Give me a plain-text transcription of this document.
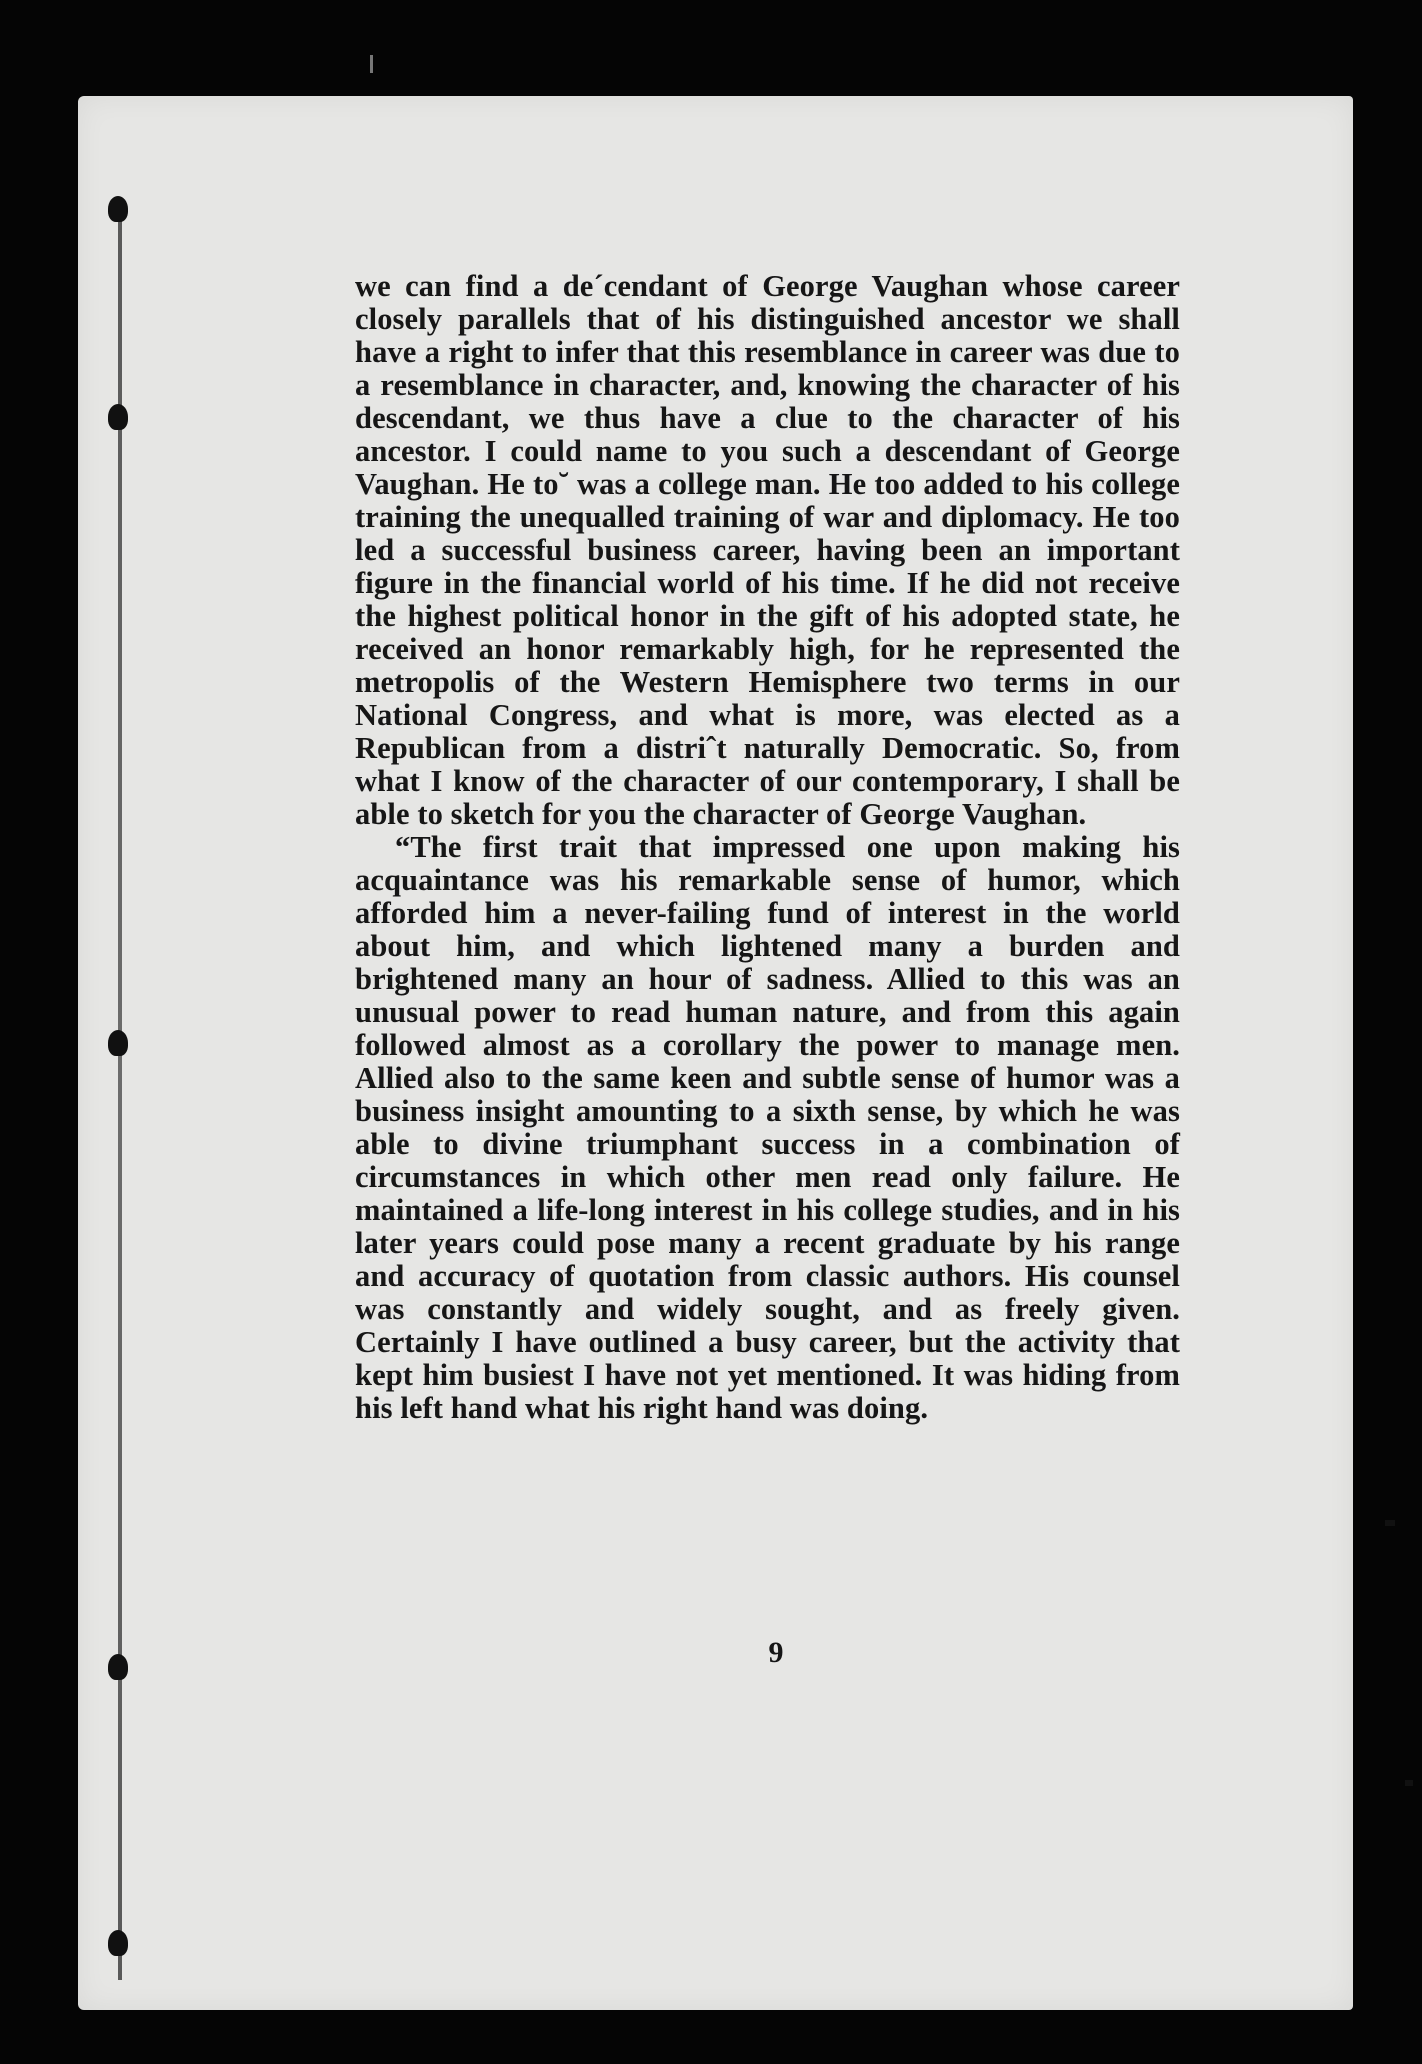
we can find a de´cendant of George Vaughan whose career closely parallels that of his distinguished ancestor we shall have a right to infer that this resemblance in career was due to a resemblance in character, and, knowing the character of his descendant, we thus have a clue to the character of his ancestor. I could name to you such a descendant of George Vaughan. He to˘ was a college man. He too added to his college training the unequalled training of war and diplomacy. He too led a successful business career, having been an important figure in the financial world of his time. If he did not receive the highest political honor in the gift of his adopted state, he received an honor remarkably high, for he represented the metropolis of the Western Hemisphere two terms in our National Congress, and what is more, was elected as a Republican from a distriˆt naturally Democratic. So, from what I know of the character of our contemporary, I shall be able to sketch for you the character of George Vaughan.

“The first trait that impressed one upon making his acquaintance was his remarkable sense of humor, which afforded him a never-failing fund of interest in the world about him, and which lightened many a burden and brightened many an hour of sadness. Allied to this was an unusual power to read human nature, and from this again followed almost as a corollary the power to manage men. Allied also to the same keen and subtle sense of humor was a business insight amounting to a sixth sense, by which he was able to divine triumphant success in a combination of circumstances in which other men read only failure. He maintained a life-long interest in his college studies, and in his later years could pose many a recent graduate by his range and accuracy of quotation from classic authors. His counsel was constantly and widely sought, and as freely given. Certainly I have outlined a busy career, but the activity that kept him busiest I have not yet mentioned. It was hiding from his left hand what his right hand was doing.

9
